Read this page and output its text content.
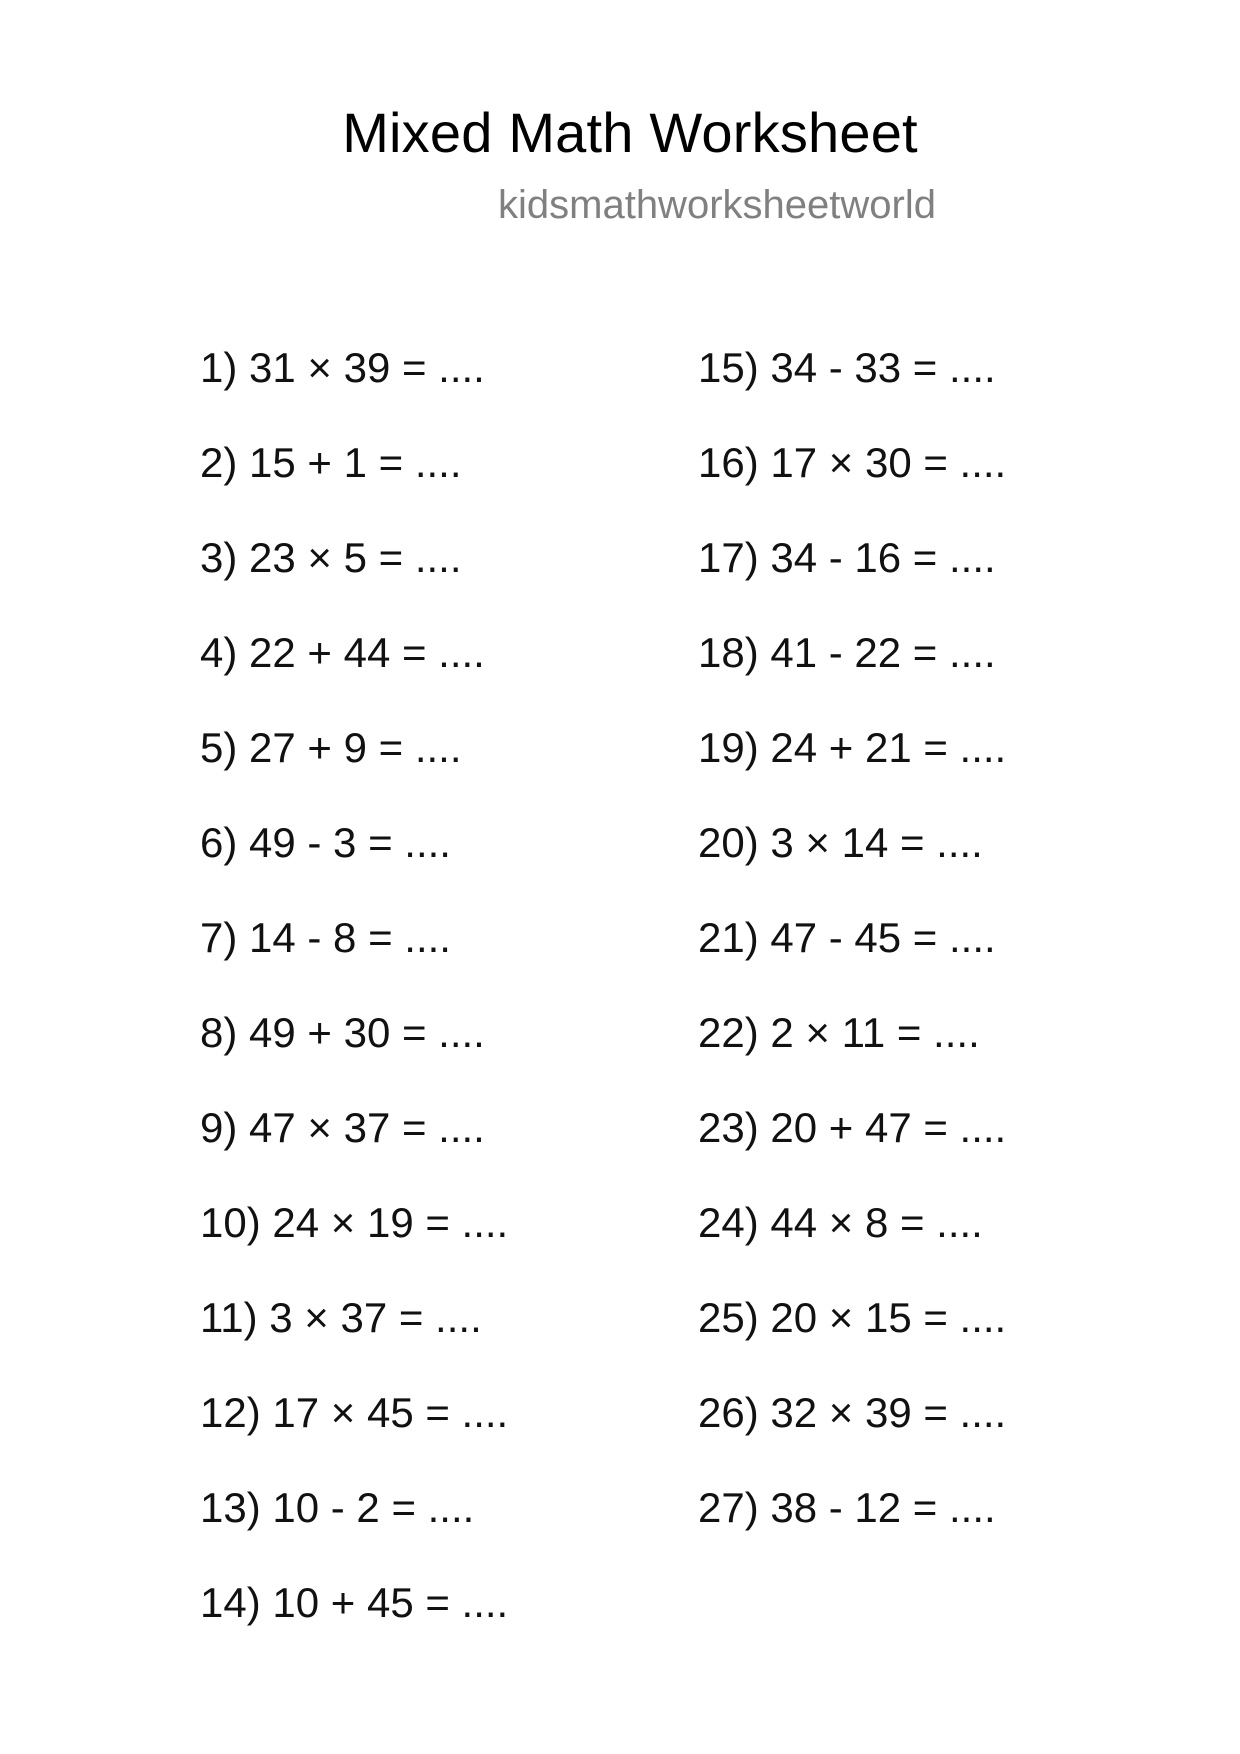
Mixed Math Worksheet

kidsmathworksheetworld

1) 31 × 39 = ....
2) 15 + 1 = ....
3) 23 × 5 = ....
4) 22 + 44 = ....
5) 27 + 9 = ....
6) 49 - 3 = ....
7) 14 - 8 = ....
8) 49 + 30 = ....
9) 47 × 37 = ....
10) 24 × 19 = ....
11) 3 × 37 = ....
12) 17 × 45 = ....
13) 10 - 2 = ....
14) 10 + 45 = ....
15) 34 - 33 = ....
16) 17 × 30 = ....
17) 34 - 16 = ....
18) 41 - 22 = ....
19) 24 + 21 = ....
20) 3 × 14 = ....
21) 47 - 45 = ....
22) 2 × 11 = ....
23) 20 + 47 = ....
24) 44 × 8 = ....
25) 20 × 15 = ....
26) 32 × 39 = ....
27) 38 - 12 = ....
